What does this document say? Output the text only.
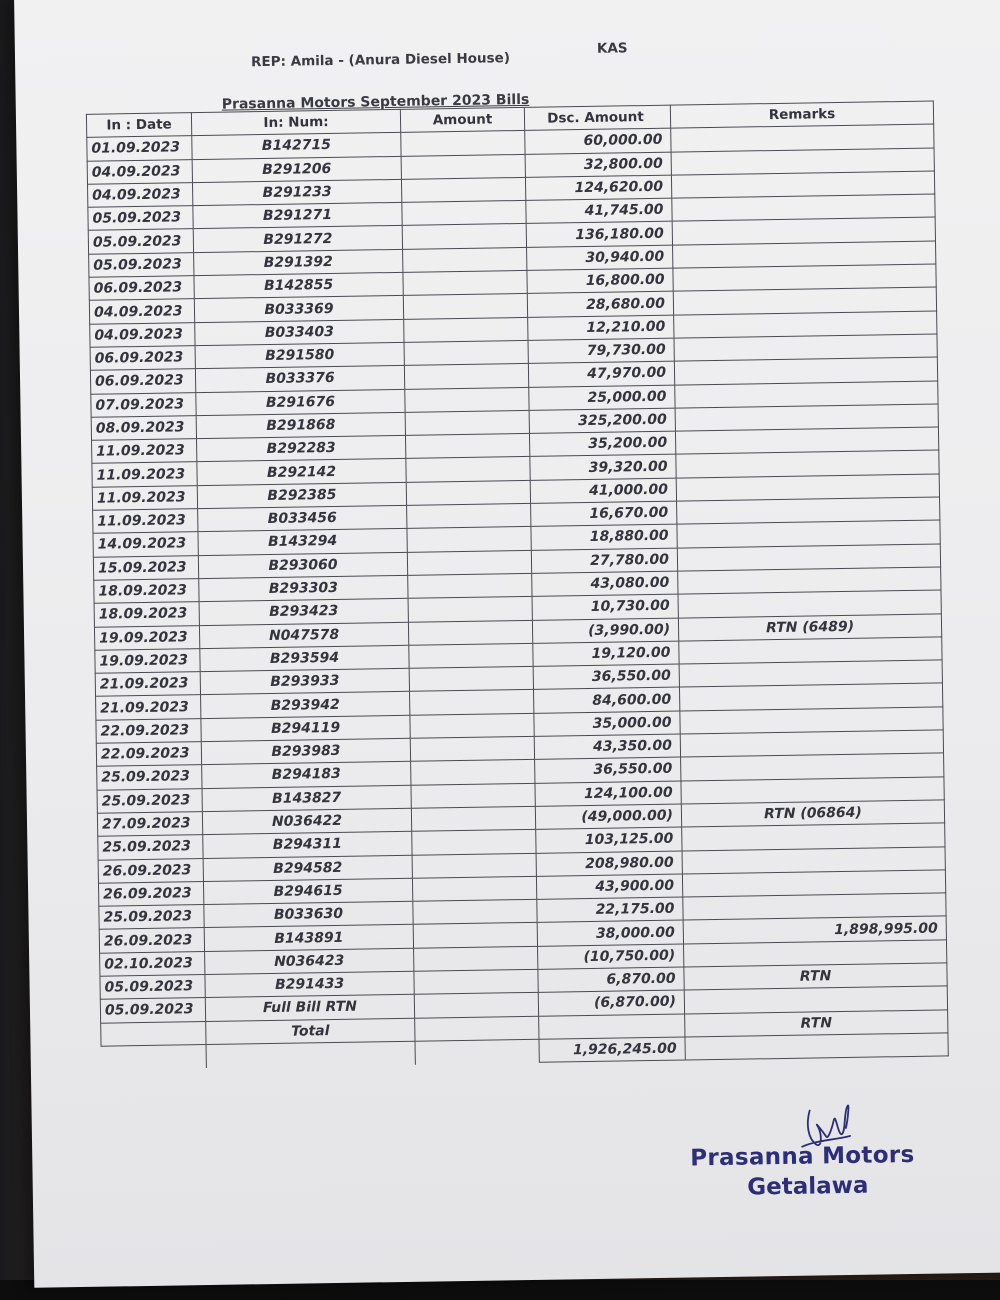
REP: Amila - (Anura Diesel House)
KAS
Prasanna Motors September 2023 Bills
In : Date	In: Num:	Amount	Dsc. Amount	Remarks
01.09.2023	B142715		60,000.00	
04.09.2023	B291206		32,800.00	
04.09.2023	B291233		124,620.00	
05.09.2023	B291271		41,745.00	
05.09.2023	B291272		136,180.00	
05.09.2023	B291392		30,940.00	
06.09.2023	B142855		16,800.00	
04.09.2023	B033369		28,680.00	
04.09.2023	B033403		12,210.00	
06.09.2023	B291580		79,730.00	
06.09.2023	B033376		47,970.00	
07.09.2023	B291676		25,000.00	
08.09.2023	B291868		325,200.00	
11.09.2023	B292283		35,200.00	
11.09.2023	B292142		39,320.00	
11.09.2023	B292385		41,000.00	
11.09.2023	B033456		16,670.00	
14.09.2023	B143294		18,880.00	
15.09.2023	B293060		27,780.00	
18.09.2023	B293303		43,080.00	
18.09.2023	B293423		10,730.00	
19.09.2023	N047578		(3,990.00)	RTN (6489)
19.09.2023	B293594		19,120.00	
21.09.2023	B293933		36,550.00	
21.09.2023	B293942		84,600.00	
22.09.2023	B294119		35,000.00	
22.09.2023	B293983		43,350.00	
25.09.2023	B294183		36,550.00	
25.09.2023	B143827		124,100.00	
27.09.2023	N036422		(49,000.00)	RTN (06864)
25.09.2023	B294311		103,125.00	
26.09.2023	B294582		208,980.00	
26.09.2023	B294615		43,900.00	
25.09.2023	B033630		22,175.00	
26.09.2023	B143891		38,000.00	1,898,995.00
02.10.2023	N036423		(10,750.00)	
05.09.2023	B291433		6,870.00	RTN
05.09.2023	Full Bill RTN		(6,870.00)	
	Total			RTN
			1,926,245.00	
Prasanna Motors
Getalawa
